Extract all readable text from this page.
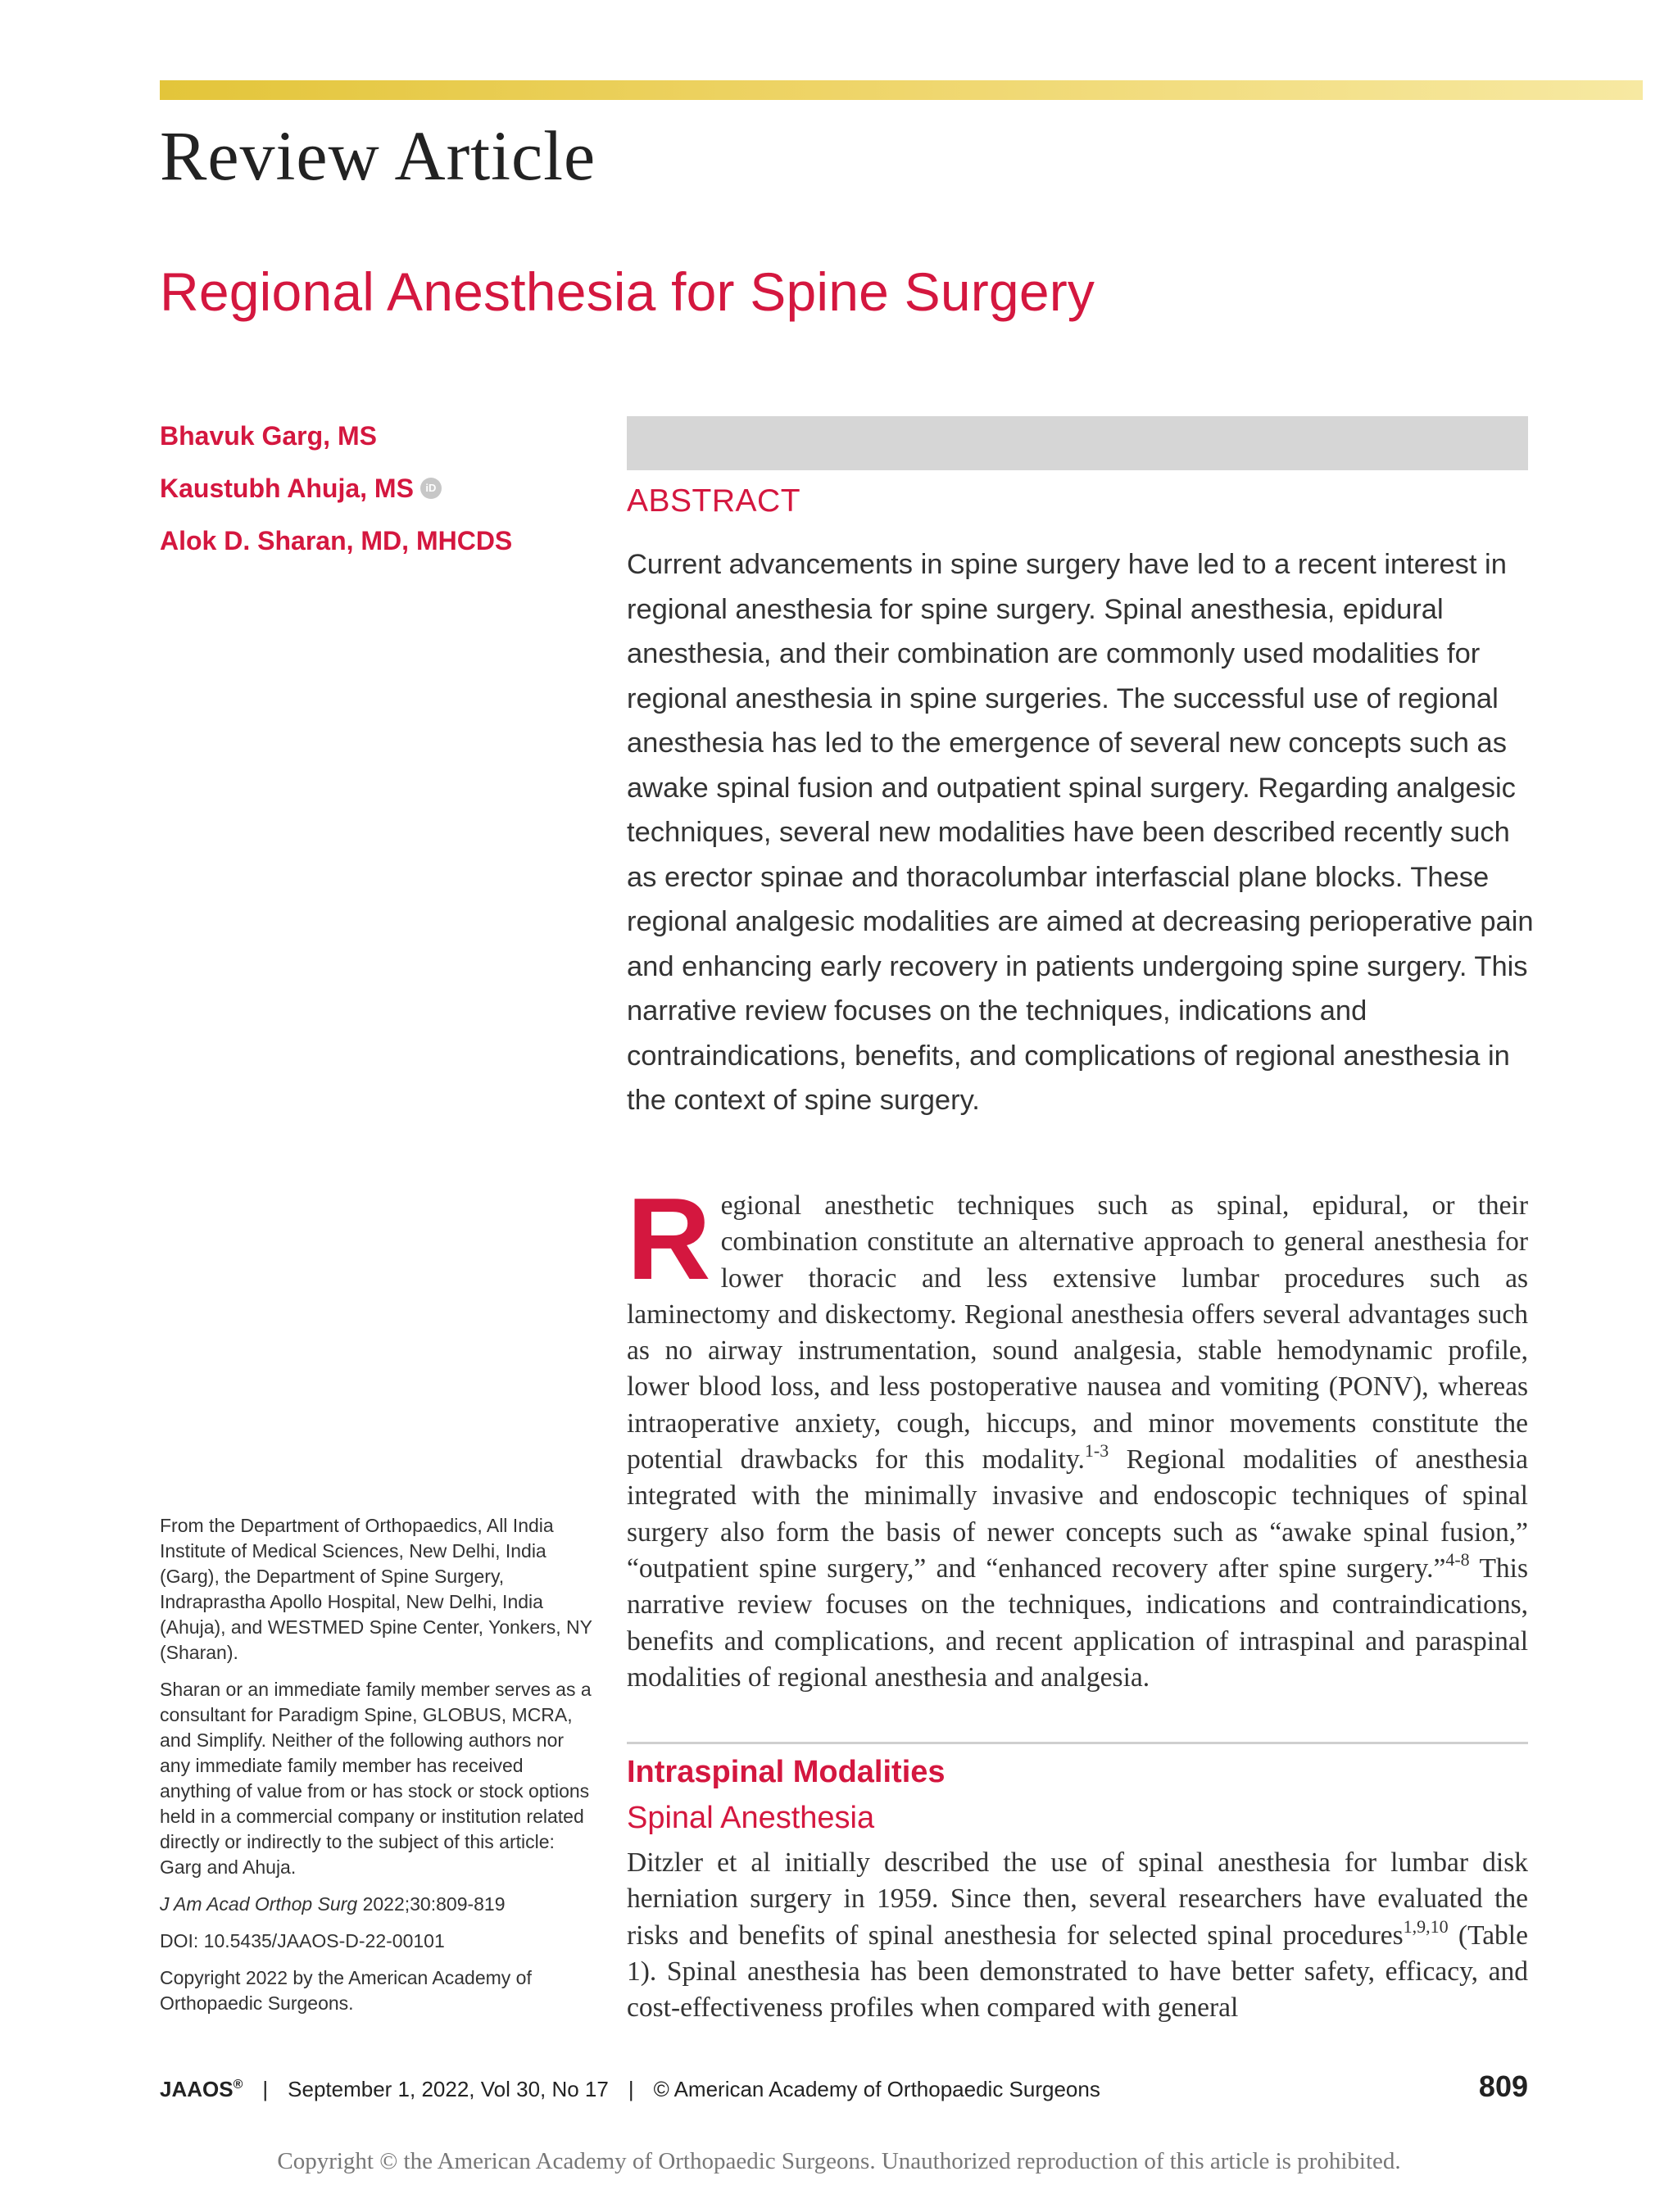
Review Article
Regional Anesthesia for Spine Surgery
Bhavuk Garg, MS
Kaustubh Ahuja, MS	iD
Alok D. Sharan, MD, MHCDS
ABSTRACT

Current advancements in spine surgery have led to a recent interest in regional anesthesia for spine surgery. Spinal anesthesia, epidural anesthesia, and their combination are commonly used modalities for regional anesthesia in spine surgeries. The successful use of regional anesthesia has led to the emergence of several new concepts such as awake spinal fusion and outpatient spinal surgery. Regarding analgesic techniques, several new modalities have been described recently such as erector spinae and thoracolumbar interfascial plane blocks. These regional analgesic modalities are aimed at decreasing perioperative pain and enhancing early recovery in patients undergoing spine surgery. This narrative review focuses on the techniques, indications and contraindications, benefits, and complications of regional anesthesia in the context of spine surgery.

From the Department of Orthopaedics, All India Institute of Medical Sciences, New Delhi, India (Garg), the Department of Spine Surgery, Indraprastha Apollo Hospital, New Delhi, India (Ahuja), and WESTMED Spine Center, Yonkers, NY (Sharan).

Sharan or an immediate family member serves as a consultant for Paradigm Spine, GLOBUS, MCRA, and Simplify. Neither of the following authors nor any immediate family member has received anything of value from or has stock or stock options held in a commercial company or institution related directly or indirectly to the subject of this article: Garg and Ahuja.

J Am Acad Orthop Surg 2022;30:809-819

DOI: 10.5435/JAAOS-D-22-00101

Copyright 2022 by the American Academy of Orthopaedic Surgeons.

Regional anesthetic techniques such as spinal, epidural, or their combination constitute an alternative approach to general anesthesia for lower thoracic and less extensive lumbar procedures such as laminectomy and diskectomy. Regional anesthesia offers several advantages such as no airway instrumentation, sound analgesia, stable hemodynamic profile, lower blood loss, and less postoperative nausea and vomiting (PONV), whereas intraoperative anxiety, cough, hiccups, and minor movements constitute the potential drawbacks for this modality.$^{1-3}$ Regional modalities of anesthesia integrated with the minimally invasive and endoscopic techniques of spinal surgery also form the basis of newer concepts such as “awake spinal fusion,” “outpatient spine surgery,” and “enhanced recovery after spine surgery.”$^{4-8}$ This narrative review focuses on the techniques, indications and contraindications, benefits and complications, and recent application of intraspinal and paraspinal modalities of regional anesthesia and analgesia.

Intraspinal Modalities
Spinal Anesthesia

Ditzler et al initially described the use of spinal anesthesia for lumbar disk herniation surgery in 1959. Since then, several researchers have evaluated the risks and benefits of spinal anesthesia for selected spinal procedures$^{1,9,10}$ (Table 1). Spinal anesthesia has been demonstrated to have better safety, efficacy, and cost-effectiveness profiles when compared with general

JAAOS® | September 1, 2022, Vol 30, No 17 | © American Academy of Orthopaedic Surgeons	809
Copyright © the American Academy of Orthopaedic Surgeons. Unauthorized reproduction of this article is prohibited.
